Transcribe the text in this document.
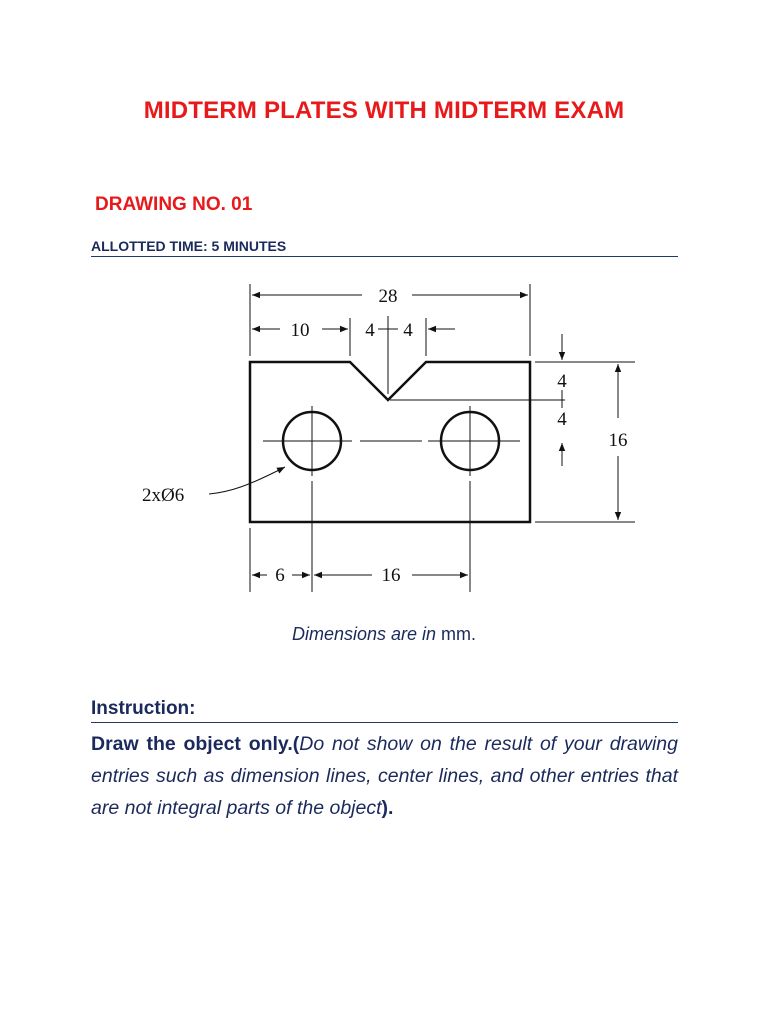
MIDTERM PLATES WITH MIDTERM EXAM
DRAWING NO. 01
ALLOTTED TIME: 5 MINUTES
28
10	4 4
4
4
16
2xØ6
6	16
Dimensions are in mm.
Instruction:
Draw the object only.(Do not show on the result of your drawing entries such as dimension lines, center lines, and other entries that are not integral parts of the object).
